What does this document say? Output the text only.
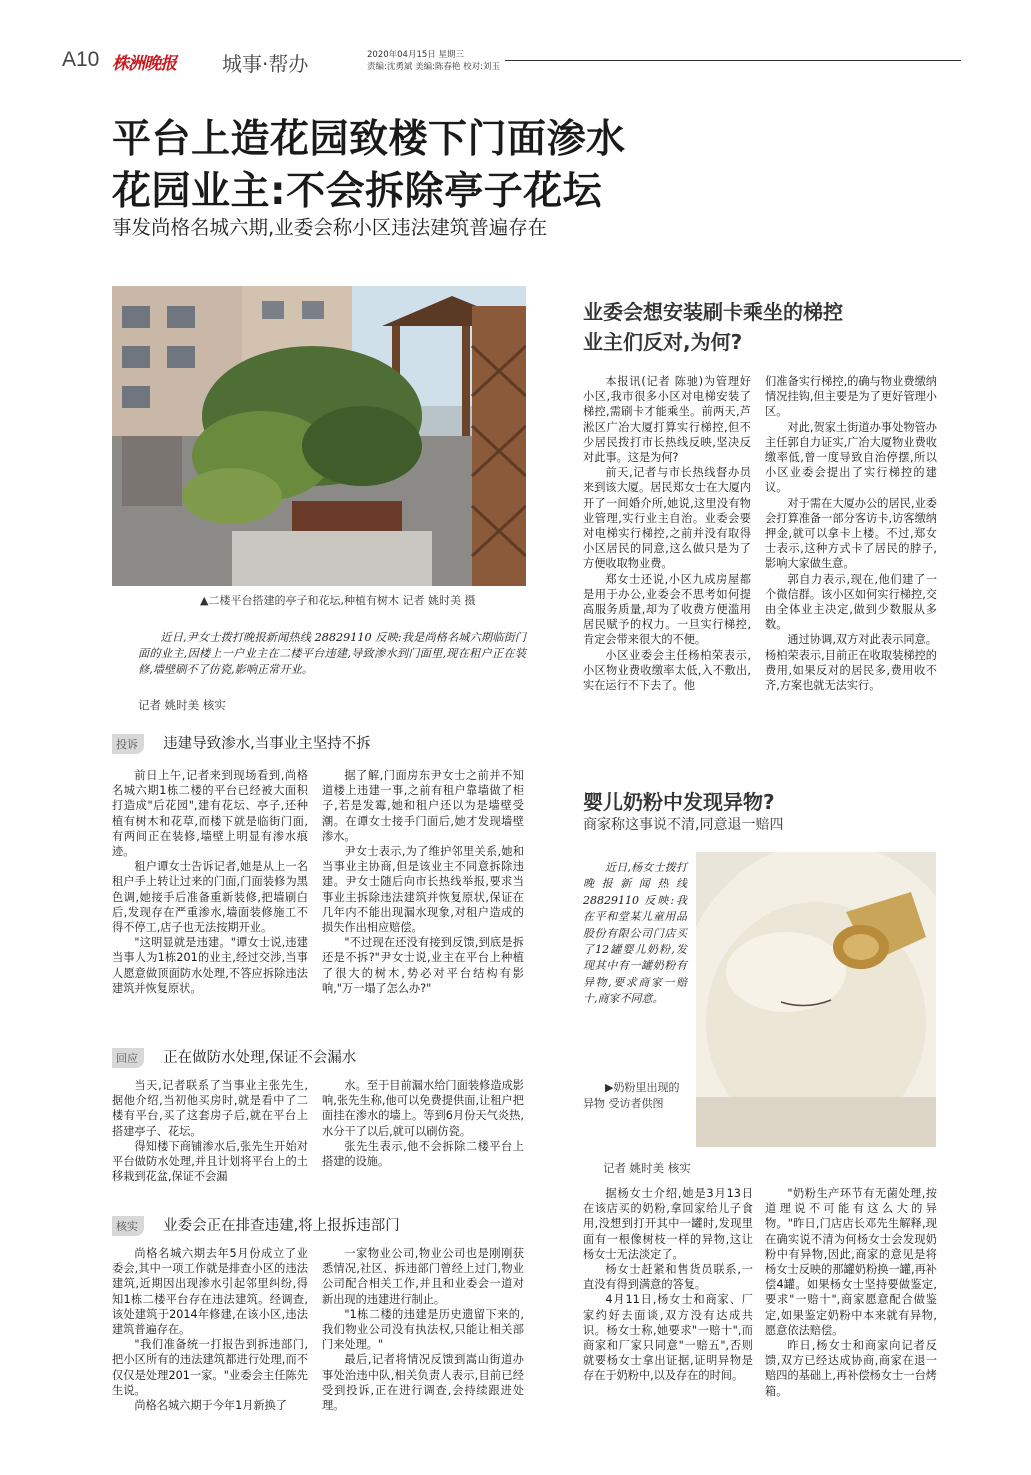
A10 株洲晚报 城事·帮办	2020年04月15日 星期三
责编:沈勇斌 美编:陈春艳 校对:刘玉
平台上造花园致楼下门面渗水
花园业主:不会拆除亭子花坛
事发尚格名城六期,业委会称小区违法建筑普遍存在
▲二楼平台搭建的亭子和花坛,种植有树木 记者 姚时美 摄

近日,尹女士拨打晚报新闻热线 28829110 反映:我是尚格名城六期临街门面的业主,因楼上一户业主在二楼平台违建,导致渗水到门面里,现在租户正在装修,墙壁刷不了仿瓷,影响正常开业。

记者 姚时美 核实
投诉 违建导致渗水,当事业主坚持不拆

前日上午,记者来到现场看到,尚格名城六期1栋二楼的平台已经被大面积打造成"后花园",建有花坛、亭子,还种植有树木和花草,而楼下就是临街门面,有两间正在装修,墙壁上明显有渗水痕迹。

租户谭女士告诉记者,她是从上一名租户手上转让过来的门面,门面装修为黑色调,她接手后准备重新装修,把墙刷白后,发现存在严重渗水,墙面装修施工不得不停工,店子也无法按期开业。

"这明显就是违建。"谭女士说,违建当事人为1栋201的业主,经过交涉,当事人愿意做顶面防水处理,不答应拆除违法建筑并恢复原状。

据了解,门面房东尹女士之前并不知道楼上违建一事,之前有租户靠墙做了柜子,若是发霉,她和租户还以为是墙壁受潮。在谭女士接手门面后,她才发现墙壁渗水。

尹女士表示,为了维护邻里关系,她和当事业主协商,但是该业主不同意拆除违建。尹女士随后向市长热线举报,要求当事业主拆除违法建筑并恢复原状,保证在几年内不能出现漏水现象,对租户造成的损失作出相应赔偿。

"不过现在还没有接到反馈,到底是拆还是不拆?"尹女士说,业主在平台上种植了很大的树木,势必对平台结构有影响,"万一塌了怎么办?"

回应 正在做防水处理,保证不会漏水

当天,记者联系了当事业主张先生,据他介绍,当初他买房时,就是看中了二楼有平台,买了这套房子后,就在平台上搭建亭子、花坛。

得知楼下商铺渗水后,张先生开始对平台做防水处理,并且计划将平台上的土移栽到花盆,保证不会漏

水。至于目前漏水给门面装修造成影响,张先生称,他可以免费提供面,让租户把面挂在渗水的墙上。等到6月份天气炎热,水分干了以后,就可以刷仿瓷。

张先生表示,他不会拆除二楼平台上搭建的设施。

核实 业委会正在排查违建,将上报拆违部门

尚格名城六期去年5月份成立了业委会,其中一项工作就是排查小区的违法建筑,近期因出现渗水引起邻里纠纷,得知1栋二楼平台存在违法建筑。经调查,该处建筑于2014年修建,在该小区,违法建筑普遍存在。

"我们准备统一打报告到拆违部门,把小区所有的违法建筑都进行处理,而不仅仅是处理201一家。"业委会主任陈先生说。

尚格名城六期于今年1月新换了

一家物业公司,物业公司也是刚刚获悉情况,社区、拆违部门曾经上过门,物业公司配合相关工作,并且和业委会一道对新出现的违建进行制止。

"1栋二楼的违建是历史遗留下来的,我们物业公司没有执法权,只能让相关部门来处理。"

最后,记者将情况反馈到嵩山街道办事处治违中队,相关负责人表示,目前已经受到投诉,正在进行调查,会持续跟进处理。

业委会想安装刷卡乘坐的梯控
业主们反对,为何?

本报讯(记者 陈驰)为管理好小区,我市很多小区对电梯安装了梯控,需刷卡才能乘坐。前两天,芦淞区广冶大厦打算实行梯控,但不少居民拨打市长热线反映,坚决反对此事。这是为何?

前天,记者与市长热线督办员来到该大厦。居民郑女士在大厦内开了一间婚介所,她说,这里没有物业管理,实行业主自治。业委会要对电梯实行梯控,之前并没有取得小区居民的同意,这么做只是为了方便收取物业费。

郑女士还说,小区九成房屋都是用于办公,业委会不思考如何提高服务质量,却为了收费方便滥用居民赋予的权力。一旦实行梯控,肯定会带来很大的不便。

小区业委会主任杨柏荣表示,小区物业费收缴率太低,入不敷出,实在运行不下去了。他

们准备实行梯控,的确与物业费缴纳情况挂钩,但主要是为了更好管理小区。

对此,贺家土街道办事处物管办主任郭自力证实,广冶大厦物业费收缴率低,曾一度导致自治停摆,所以小区业委会提出了实行梯控的建议。

对于需在大厦办公的居民,业委会打算准备一部分客访卡,访客缴纳押金,就可以拿卡上楼。不过,郑女士表示,这种方式卡了居民的脖子,影响大家做生意。

郭自力表示,现在,他们建了一个微信群。该小区如何实行梯控,交由全体业主决定,做到少数服从多数。

通过协调,双方对此表示同意。杨柏荣表示,目前正在收取装梯控的费用,如果反对的居民多,费用收不齐,方案也就无法实行。

婴儿奶粉中发现异物?
商家称这事说不清,同意退一赔四

近日,杨女士拨打晚报新闻热线 28829110 反映:我在平和堂某儿童用品股份有限公司门店买了12罐婴儿奶粉,发现其中有一罐奶粉有异物,要求商家一赔十,商家不同意。

▶奶粉里出现的异物 受访者供图
记者 姚时美 核实

据杨女士介绍,她是3月13日在该店买的奶粉,拿回家给儿子食用,没想到打开其中一罐时,发现里面有一根像树枝一样的异物,这让杨女士无法淡定了。

杨女士赶紧和售货员联系,一直没有得到满意的答复。

4月11日,杨女士和商家、厂家约好去面谈,双方没有达成共识。杨女士称,她要求"一赔十",而商家和厂家只同意"一赔五",否则就要杨女士拿出证据,证明异物是存在于奶粉中,以及存在的时间。

"奶粉生产环节有无菌处理,按道理说不可能有这么大的异物。"昨日,门店店长邓先生解释,现在确实说不清为何杨女士会发现奶粉中有异物,因此,商家的意见是将杨女士反映的那罐奶粉换一罐,再补偿4罐。如果杨女士坚持要做鉴定,要求"一赔十",商家愿意配合做鉴定,如果鉴定奶粉中本来就有异物,愿意依法赔偿。

昨日,杨女士和商家向记者反馈,双方已经达成协商,商家在退一赔四的基础上,再补偿杨女士一台烤箱。
